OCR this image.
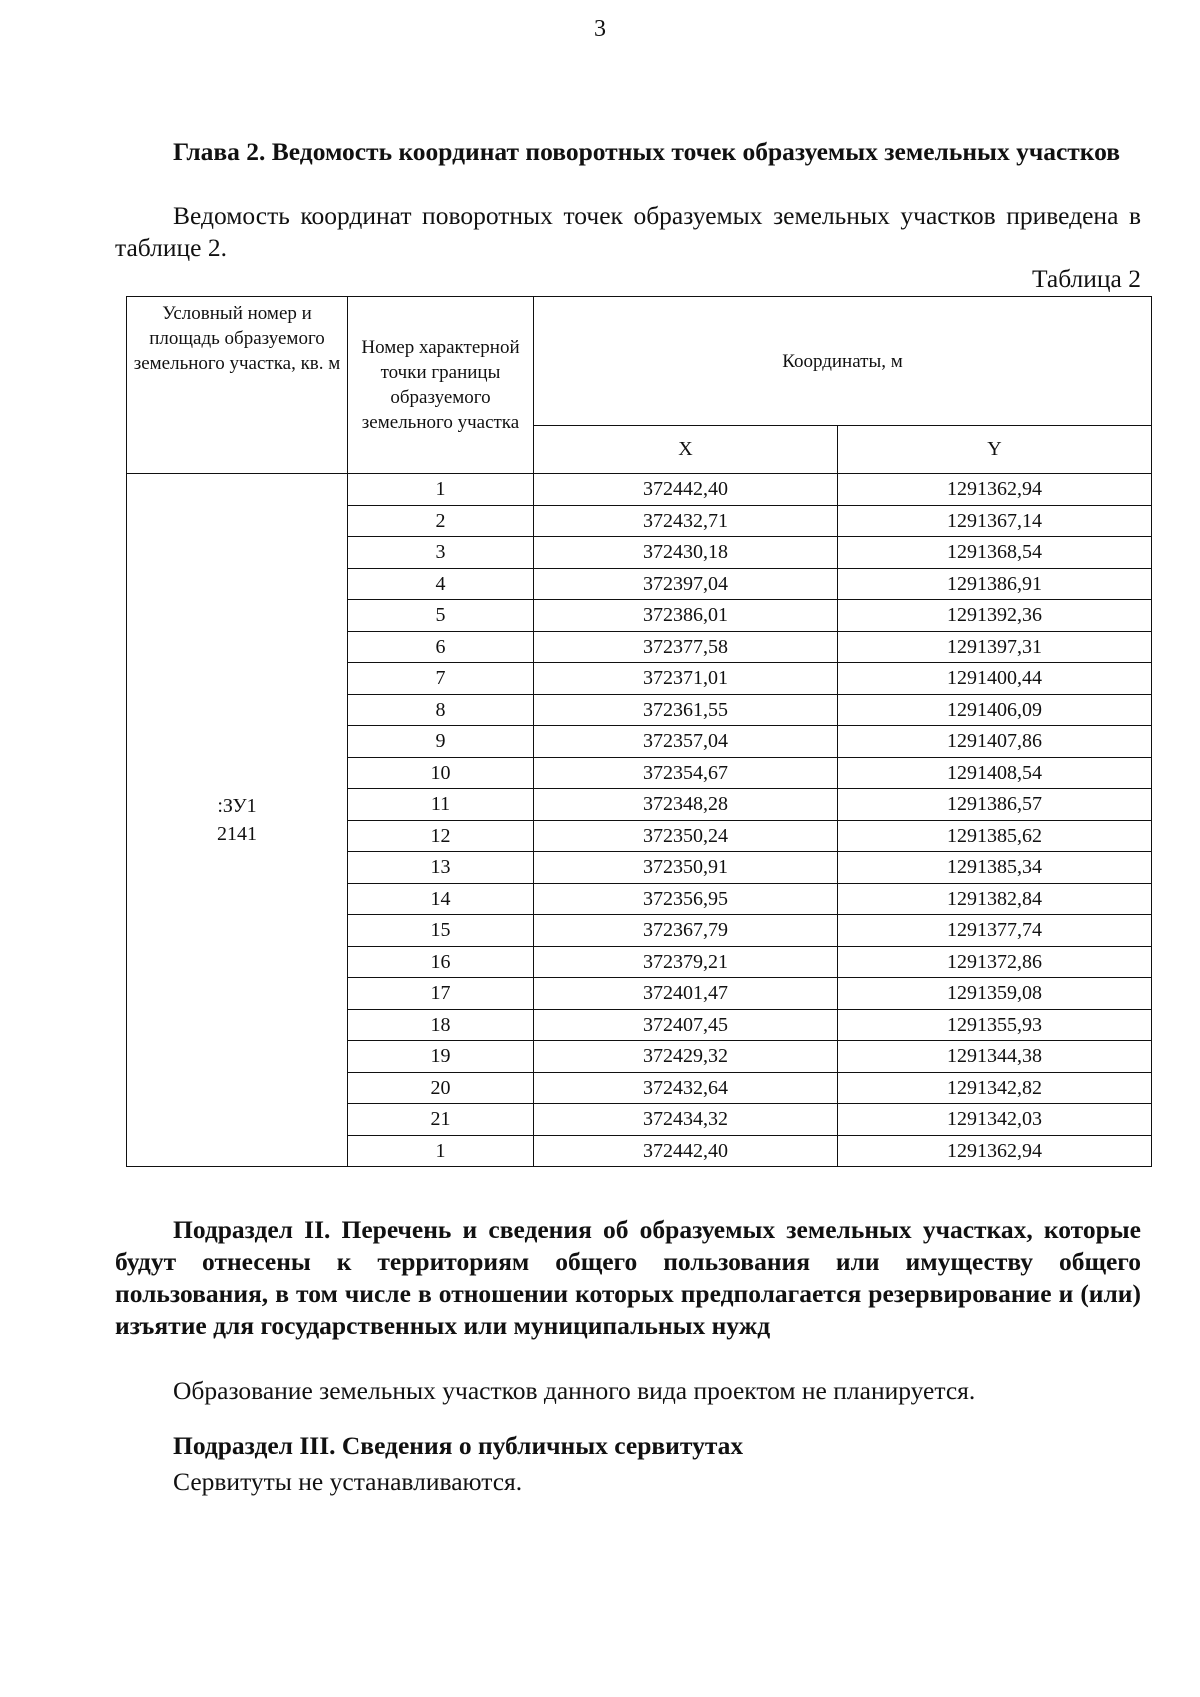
3
Глава 2. Ведомость координат поворотных точек образуемых земельных участков
Ведомость координат поворотных точек образуемых земельных участков приведена в таблице 2.
Таблица 2
Условный номер и площадь образуемого земельного участка, кв. м	Номер характерной точки границы образуемого земельного участка	Координаты, м	
		X	Y

:ЗУ1
2141	1	372442,40	1291362,94
	2	372432,71	1291367,14
	3	372430,18	1291368,54
	4	372397,04	1291386,91
	5	372386,01	1291392,36
	6	372377,58	1291397,31
	7	372371,01	1291400,44
	8	372361,55	1291406,09
	9	372357,04	1291407,86
	10	372354,67	1291408,54
	11	372348,28	1291386,57
	12	372350,24	1291385,62
	13	372350,91	1291385,34
	14	372356,95	1291382,84
	15	372367,79	1291377,74
	16	372379,21	1291372,86
	17	372401,47	1291359,08
	18	372407,45	1291355,93
	19	372429,32	1291344,38
	20	372432,64	1291342,82
	21	372434,32	1291342,03
	1	372442,40	1291362,94
Подраздел II. Перечень и сведения об образуемых земельных участках, которые будут отнесены к территориям общего пользования или имуществу общего пользования, в том числе в отношении которых предполагается резервирование и (или) изъятие для государственных или муниципальных нужд
Образование земельных участков данного вида проектом не планируется.
Подраздел III. Сведения о публичных сервитутах
Сервитуты не устанавливаются.
